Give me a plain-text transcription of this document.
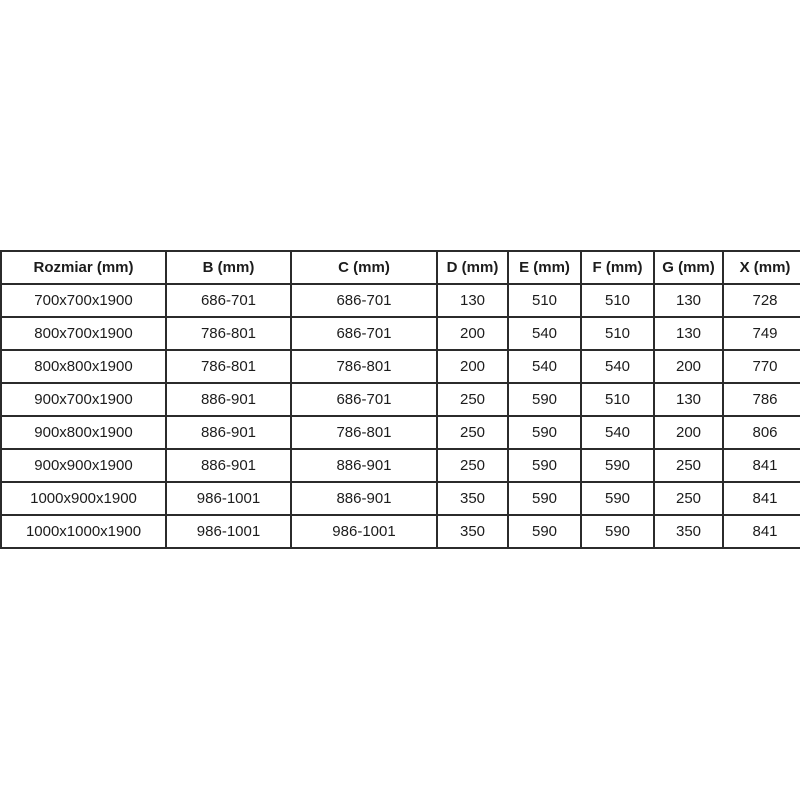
Rozmiar (mm)	B (mm)	C (mm)	D (mm)	E (mm)	F (mm)	G (mm)	X (mm)
700x700x1900	686-701	686-701	130	510	510	130	728
800x700x1900	786-801	686-701	200	540	510	130	749
800x800x1900	786-801	786-801	200	540	540	200	770
900x700x1900	886-901	686-701	250	590	510	130	786
900x800x1900	886-901	786-801	250	590	540	200	806
900x900x1900	886-901	886-901	250	590	590	250	841
1000x900x1900	986-1001	886-901	350	590	590	250	841
1000x1000x1900	986-1001	986-1001	350	590	590	350	841
